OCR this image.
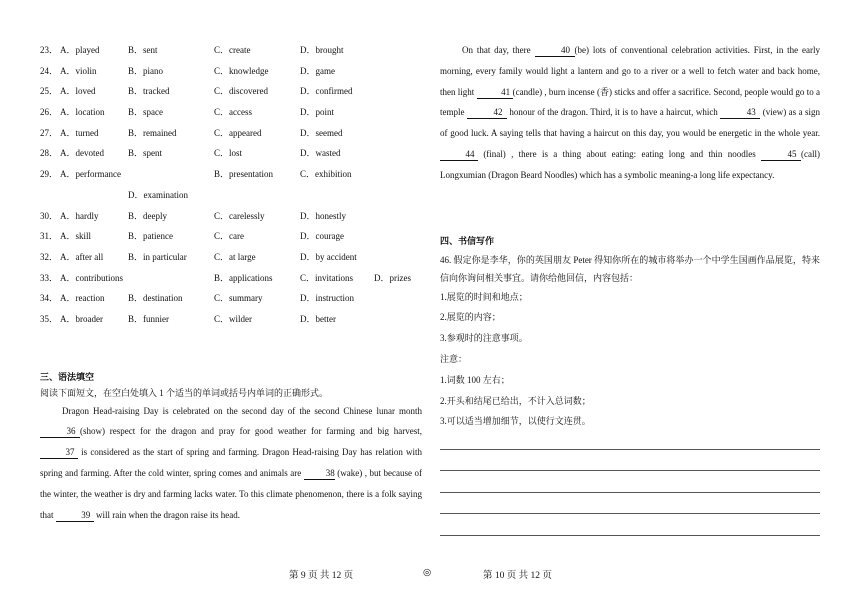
23． A．played	B．sent	C．create	D．brought
24． A．violin	B．piano	C．knowledge	D．game
25． A．loved	B．tracked	C．discovered	D．confirmed
26． A．location	B．space	C．access	D．point
27． A．turned	B．remained	C．appeared	D．seemed
28． A．devoted	B．spent	C．lost	D．wasted
29． A．performance	B．presentation	C．exhibition
D．examination
30． A．hardly	B．deeply	C．carelessly	D．honestly
31． A．skill	B．patience	C．care	D．courage
32． A．after all	B．in particular	C．at large	D．by accident
33． A．contributions	B．applications	C．invitations D．prizes
34． A．reaction	B．destination	C．summary	D．instruction
35． A．broader	B．funnier	C．wilder	D．better
三、语法填空
阅读下面短文，在空白处填入 1 个适当的单词或括号内单词的正确形式。

Dragon Head-raising Day is celebrated on the second day of the second Chinese lunar month 36 (show) respect for the dragon and pray for good weather for farming and big harvest, 37 is considered as the start of spring and farming. Dragon Head-raising Day has relation with spring and farming. After the cold winter, spring comes and animals are	38 (wake) , but because of the winter, the weather is dry and farming lacks water. To this climate phenomenon, there is a folk saying that	39 will rain when the dragon raise its head.

On that day, there	40 (be) lots of conventional celebration activities. First, in the early morning, every family would light a lantern and go to a river or a well to fetch water and back home, then light	41 (candle) , burn incense (香) sticks and offer a sacrifice. Second, people would go to a temple	42 honour of the dragon. Third, it is to have a haircut, which	43 (view) as a sign of good luck. A saying tells that having a haircut on this day, you would be energetic in the whole year. 44 (final) , there is a thing about eating: eating long and thin noodles	45 (call) Longxumian (Dragon Beard Noodles) which has a symbolic meaning-a long life expectancy.

四、书信写作

46. 假定你是李华，你的英国朋友 Peter 得知你所在的城市将举办一个中学生国画作品展览，特来信向你询问相关事宜。请你给他回信，内容包括：

1.展览的时间和地点；
2.展览的内容；
3.参观时的注意事项。
注意：
1.词数 100 左右；
2.开头和结尾已给出，不计入总词数；
3.可以适当增加细节，以使行文连贯。
第 9 页 共 12 页	◎	第 10 页 共 12 页
